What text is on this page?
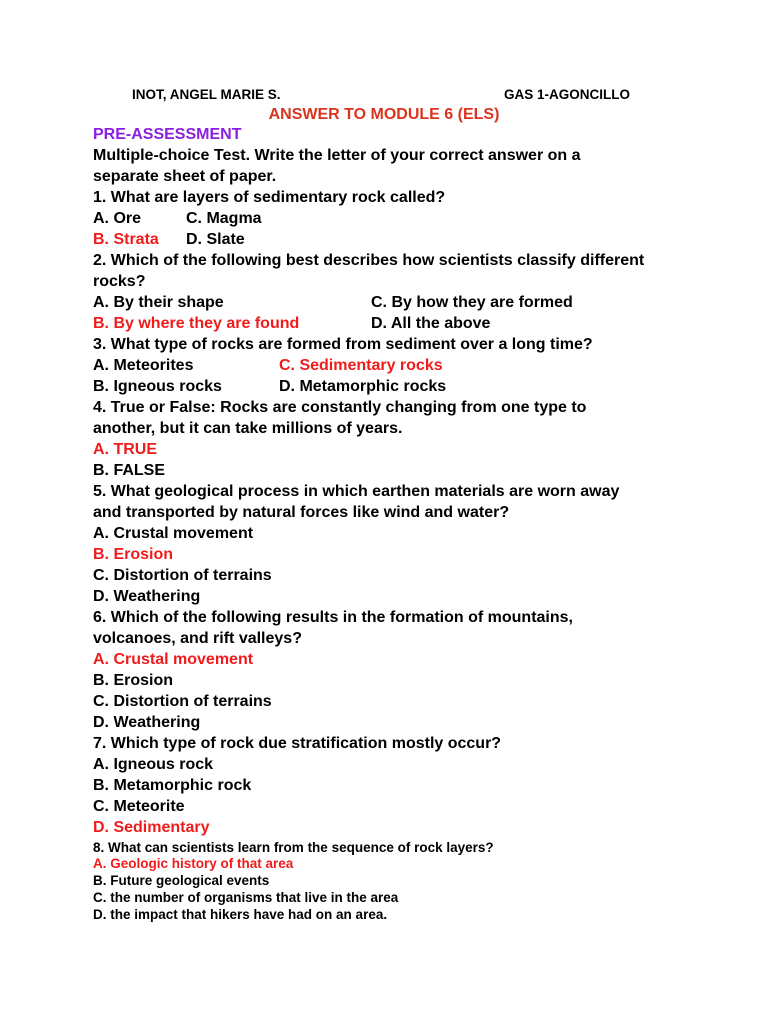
INOT, ANGEL MARIE S.	GAS 1-AGONCILLO
ANSWER TO MODULE 6 (ELS)
PRE-ASSESSMENT
Multiple-choice Test. Write the letter of your correct answer on a
separate sheet of paper.
1. What are layers of sedimentary rock called?
A. Ore	C. Magma
B. Strata D. Slate
2. Which of the following best describes how scientists classify different
rocks?
A. By their shape	C. By how they are formed
B. By where they are found	D. All the above
3. What type of rocks are formed from sediment over a long time?
A. Meteorites	C. Sedimentary rocks
B. Igneous rocks	D. Metamorphic rocks
4. True or False: Rocks are constantly changing from one type to
another, but it can take millions of years.
A. TRUE
B. FALSE
5. What geological process in which earthen materials are worn away
and transported by natural forces like wind and water?
A. Crustal movement
B. Erosion
C. Distortion of terrains
D. Weathering
6. Which of the following results in the formation of mountains,
volcanoes, and rift valleys?
A. Crustal movement
B. Erosion
C. Distortion of terrains
D. Weathering
7. Which type of rock due stratification mostly occur?
A. Igneous rock
B. Metamorphic rock
C. Meteorite
D. Sedimentary
8. What can scientists learn from the sequence of rock layers?
A. Geologic history of that area
B. Future geological events
C. the number of organisms that live in the area
D. the impact that hikers have had on an area.
